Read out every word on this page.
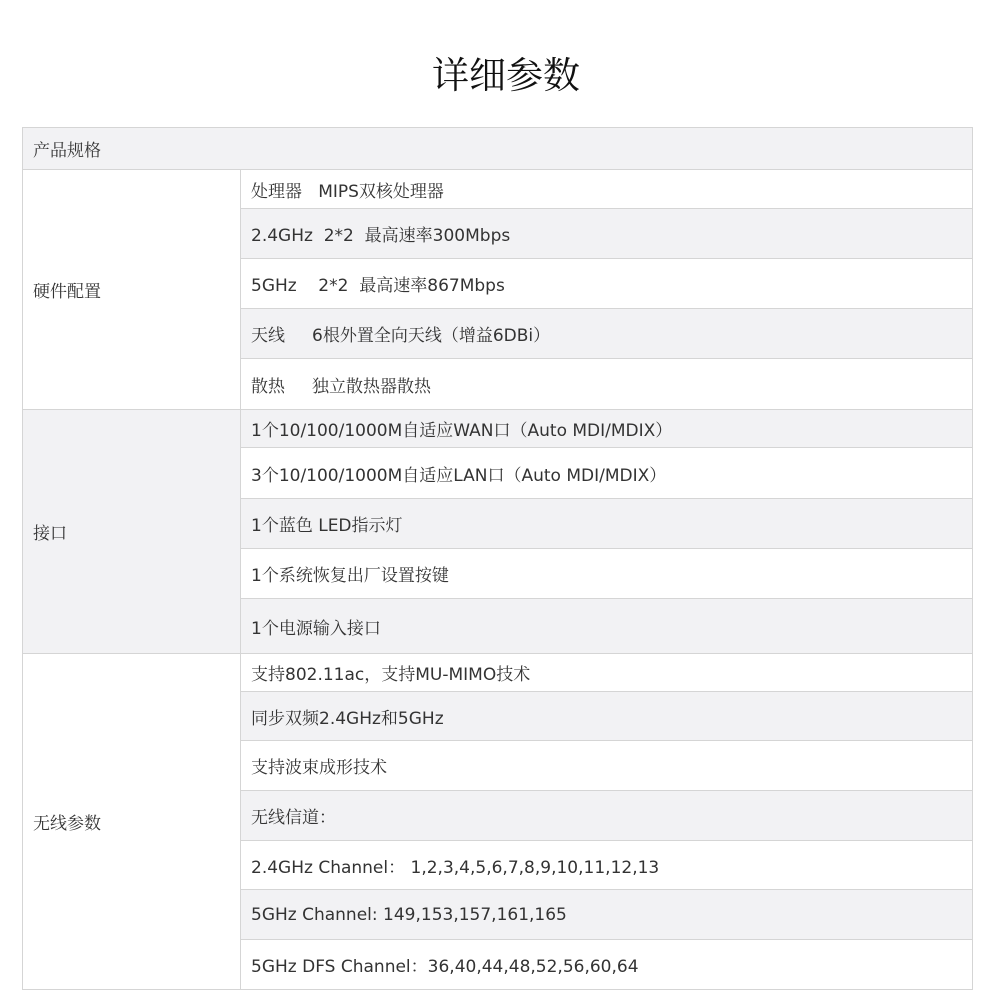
详细参数
产品规格	
硬件配置	处理器   MIPS双核处理器
	2.4GHz  2*2  最高速率300Mbps
	5GHz    2*2  最高速率867Mbps
	天线     6根外置全向天线（增益6DBi）
	散热     独立散热器散热
接口	1个10/100/1000M自适应WAN口（Auto MDI/MDIX）
	3个10/100/1000M自适应LAN口（Auto MDI/MDIX）
	1个蓝色 LED指示灯
	1个系统恢复出厂设置按键
	1个电源输入接口
无线参数	支持802.11ac，支持MU-MIMO技术
	同步双频2.4GHz和5GHz
	支持波束成形技术
	无线信道：
	2.4GHz Channel： 1,2,3,4,5,6,7,8,9,10,11,12,13
	5GHz Channel: 149,153,157,161,165
	5GHz DFS Channel：36,40,44,48,52,56,60,64
